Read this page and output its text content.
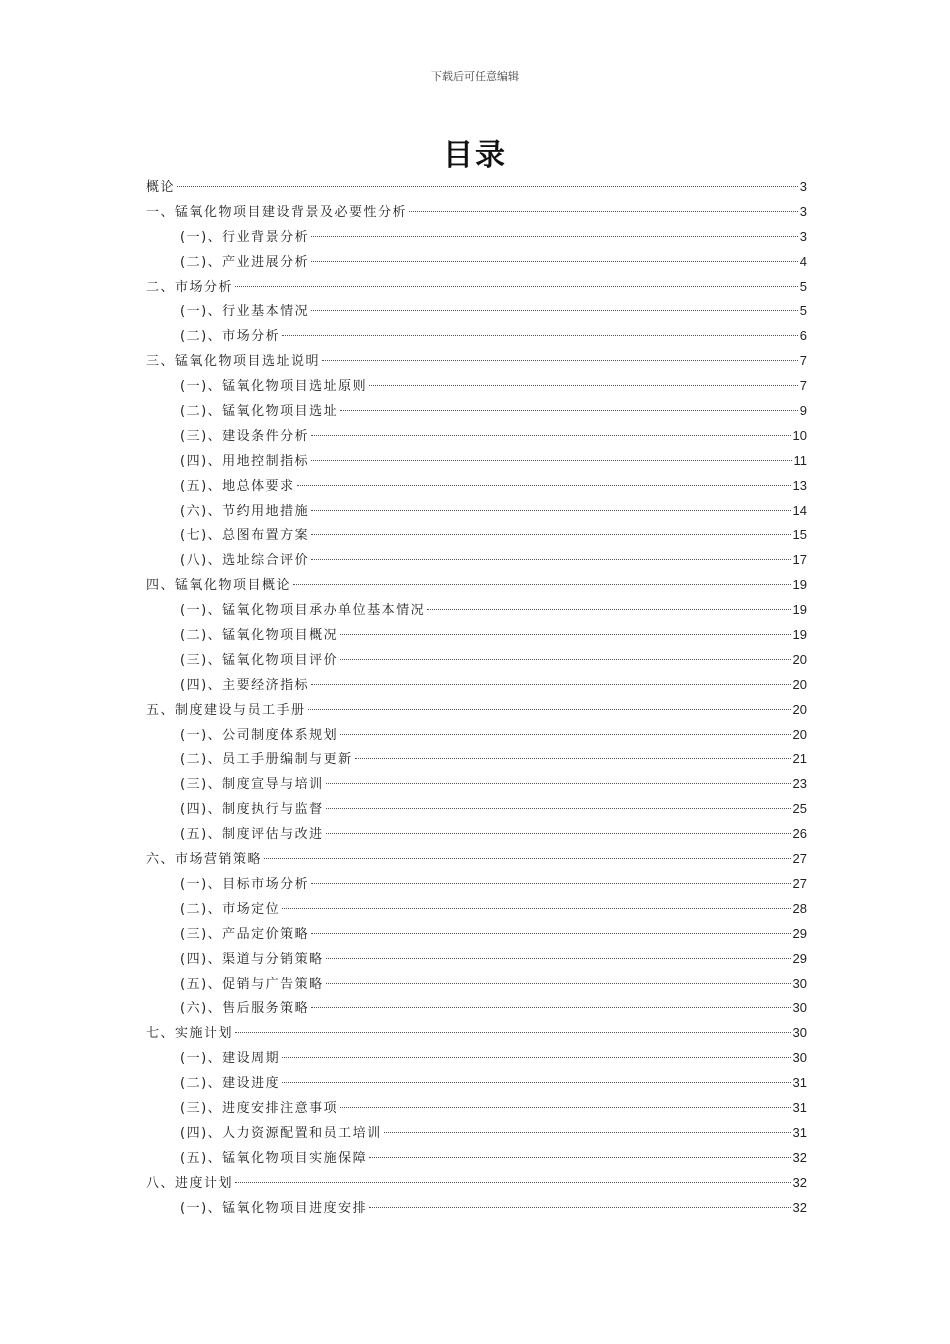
下载后可任意编辑
目录
概论	3
一、锰氧化物项目建设背景及必要性分析	3
(一)、行业背景分析	3
(二)、产业进展分析	4
二、市场分析	5
(一)、行业基本情况	5
(二)、市场分析	6
三、锰氧化物项目选址说明	7
(一)、锰氧化物项目选址原则	7
(二)、锰氧化物项目选址	9
(三)、建设条件分析	10
(四)、用地控制指标	11
(五)、地总体要求	13
(六)、节约用地措施	14
(七)、总图布置方案	15
(八)、选址综合评价	17
四、锰氧化物项目概论	19
(一)、锰氧化物项目承办单位基本情况	19
(二)、锰氧化物项目概况	19
(三)、锰氧化物项目评价	20
(四)、主要经济指标	20
五、制度建设与员工手册	20
(一)、公司制度体系规划	20
(二)、员工手册编制与更新	21
(三)、制度宣导与培训	23
(四)、制度执行与监督	25
(五)、制度评估与改进	26
六、市场营销策略	27
(一)、目标市场分析	27
(二)、市场定位	28
(三)、产品定价策略	29
(四)、渠道与分销策略	29
(五)、促销与广告策略	30
(六)、售后服务策略	30
七、实施计划	30
(一)、建设周期	30
(二)、建设进度	31
(三)、进度安排注意事项	31
(四)、人力资源配置和员工培训	31
(五)、锰氧化物项目实施保障	32
八、进度计划	32
(一)、锰氧化物项目进度安排	32
